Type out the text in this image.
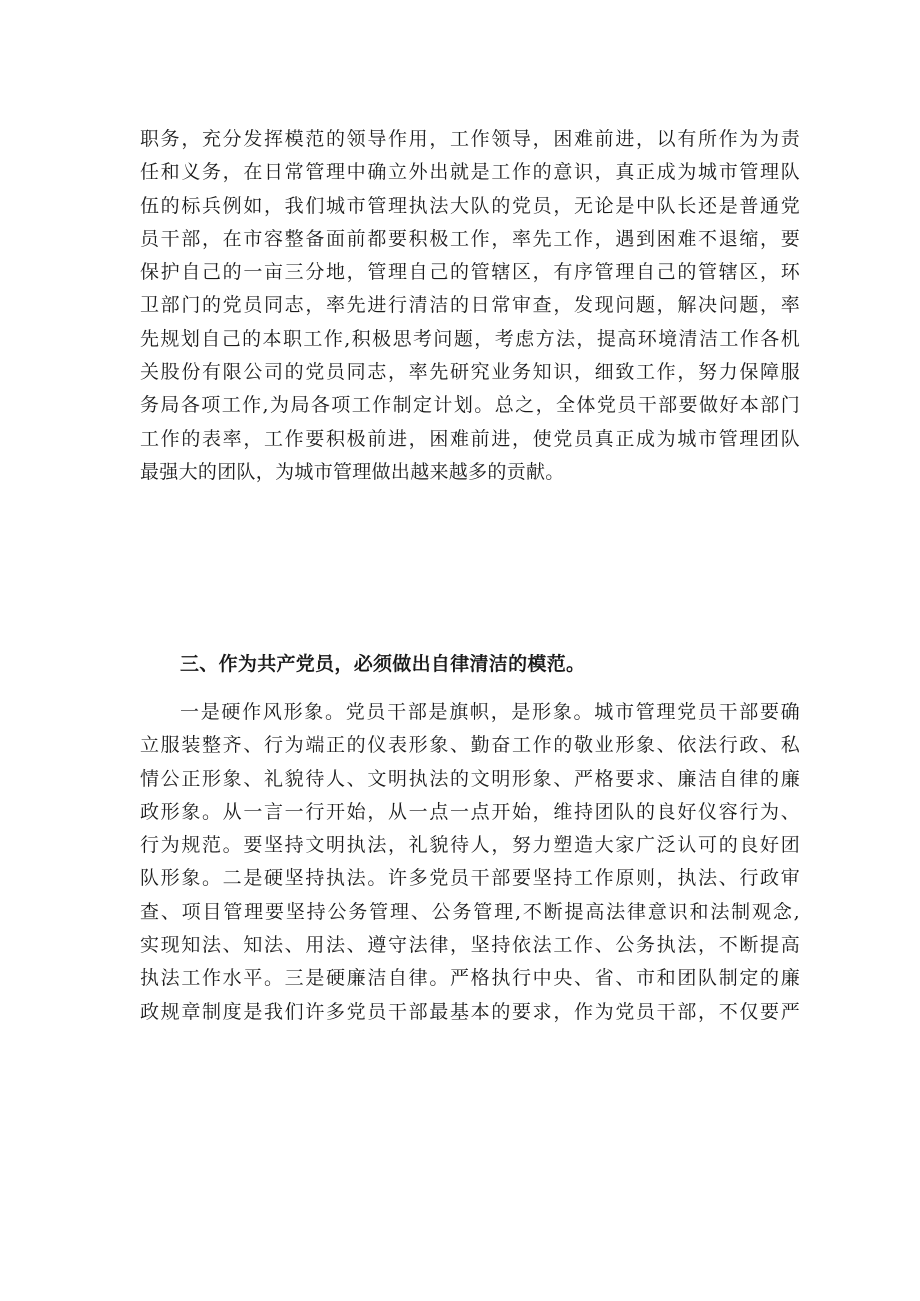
职务，充分发挥模范的领导作用，工作领导，困难前进，以有所作为为责
任和义务，在日常管理中确立外出就是工作的意识，真正成为城市管理队
伍的标兵例如，我们城市管理执法大队的党员，无论是中队长还是普通党
员干部，在市容整备面前都要积极工作，率先工作，遇到困难不退缩，要
保护自己的一亩三分地，管理自己的管辖区，有序管理自己的管辖区，环
卫部门的党员同志，率先进行清洁的日常审查，发现问题，解决问题，率
先规划自己的本职工作,积极思考问题，考虑方法，提高环境清洁工作各机
关股份有限公司的党员同志，率先研究业务知识，细致工作，努力保障服
务局各项工作,为局各项工作制定计划。总之，全体党员干部要做好本部门
工作的表率，工作要积极前进，困难前进，使党员真正成为城市管理团队
最强大的团队，为城市管理做出越来越多的贡献。
三、作为共产党员，必须做出自律清洁的模范。
一是硬作风形象。党员干部是旗帜，是形象。城市管理党员干部要确
立服装整齐、行为端正的仪表形象、勤奋工作的敬业形象、依法行政、私
情公正形象、礼貌待人、文明执法的文明形象、严格要求、廉洁自律的廉
政形象。从一言一行开始，从一点一点开始，维持团队的良好仪容行为、
行为规范。要坚持文明执法，礼貌待人，努力塑造大家广泛认可的良好团
队形象。二是硬坚持执法。许多党员干部要坚持工作原则，执法、行政审
查、项目管理要坚持公务管理、公务管理,不断提高法律意识和法制观念,
实现知法、知法、用法、遵守法律，坚持依法工作、公务执法，不断提高
执法工作水平。三是硬廉洁自律。严格执行中央、省、市和团队制定的廉
政规章制度是我们许多党员干部最基本的要求，作为党员干部，不仅要严
